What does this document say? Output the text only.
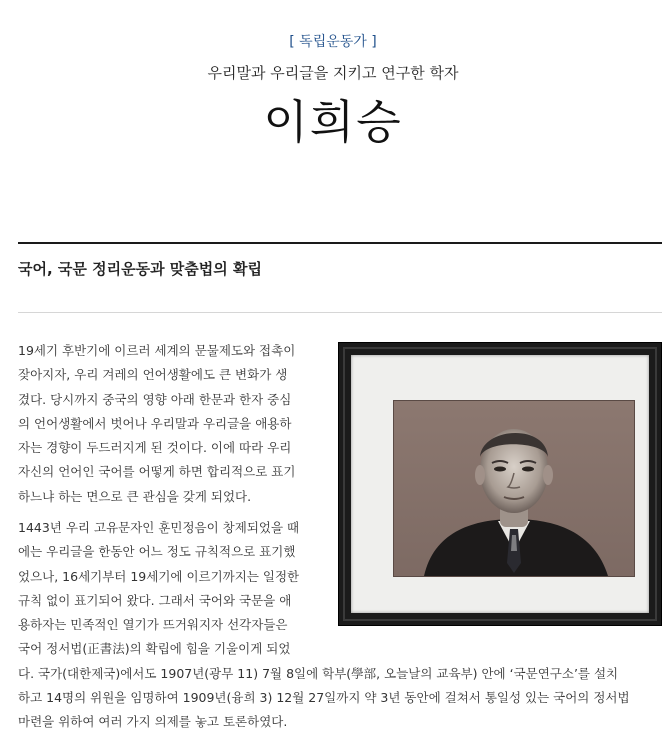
[ 독립운동가 ]
우리말과 우리글을 지키고 연구한 학자
이희승
국어, 국문 정리운동과 맞춤법의 확립
19세기 후반기에 이르러 세계의 문물제도와 접촉이
잦아지자, 우리 겨레의 언어생활에도 큰 변화가 생
겼다. 당시까지 중국의 영향 아래 한문과 한자 중심
의 언어생활에서 벗어나 우리말과 우리글을 애용하
자는 경향이 두드러지게 된 것이다. 이에 따라 우리
자신의 언어인 국어를 어떻게 하면 합리적으로 표기
하느냐 하는 면으로 큰 관심을 갖게 되었다.
1443년 우리 고유문자인 훈민정음이 창제되었을 때
에는 우리글을 한동안 어느 정도 규칙적으로 표기했
었으나, 16세기부터 19세기에 이르기까지는 일정한
규칙 없이 표기되어 왔다. 그래서 국어와 국문을 애
용하자는 민족적인 열기가 뜨거워지자 선각자들은
국어 정서법(正書法)의 확립에 힘을 기울이게 되었
다. 국가(대한제국)에서도 1907년(광무 11) 7월 8일에 학부(學部, 오늘날의 교육부) 안에 ‘국문연구소’를 설치
하고 14명의 위원을 임명하여 1909년(융희 3) 12월 27일까지 약 3년 동안에 걸쳐서 통일성 있는 국어의 정서법
마련을 위하여 여러 가지 의제를 놓고 토론하였다.
